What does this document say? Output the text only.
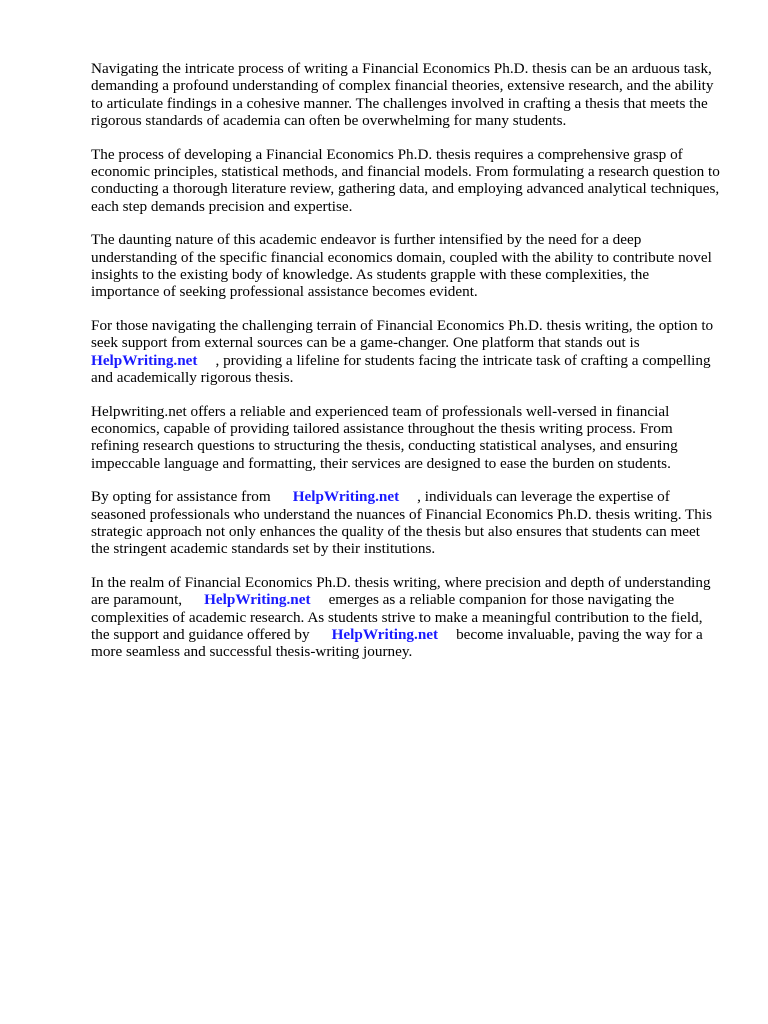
Navigating the intricate process of writing a Financial Economics Ph.D. thesis can be an arduous task, demanding a profound understanding of complex financial theories, extensive research, and the ability to articulate findings in a cohesive manner. The challenges involved in crafting a thesis that meets the rigorous standards of academia can often be overwhelming for many students.

The process of developing a Financial Economics Ph.D. thesis requires a comprehensive grasp of economic principles, statistical methods, and financial models. From formulating a research question to conducting a thorough literature review, gathering data, and employing advanced analytical techniques, each step demands precision and expertise.

The daunting nature of this academic endeavor is further intensified by the need for a deep understanding of the specific financial economics domain, coupled with the ability to contribute novel insights to the existing body of knowledge. As students grapple with these complexities, the importance of seeking professional assistance becomes evident.

For those navigating the challenging terrain of Financial Economics Ph.D. thesis writing, the option to seek support from external sources can be a game-changer. One platform that stands out is
HelpWriting.net , providing a lifeline for students facing the intricate task of crafting a compelling and academically rigorous thesis.

Helpwriting.net offers a reliable and experienced team of professionals well-versed in financial economics, capable of providing tailored assistance throughout the thesis writing process. From refining research questions to structuring the thesis, conducting statistical analyses, and ensuring impeccable language and formatting, their services are designed to ease the burden on students.

By opting for assistance from HelpWriting.net , individuals can leverage the expertise of seasoned professionals who understand the nuances of Financial Economics Ph.D. thesis writing. This strategic approach not only enhances the quality of the thesis but also ensures that students can meet the stringent academic standards set by their institutions.

In the realm of Financial Economics Ph.D. thesis writing, where precision and depth of understanding are paramount, HelpWriting.net emerges as a reliable companion for those navigating the complexities of academic research. As students strive to make a meaningful contribution to the field, the support and guidance offered by HelpWriting.net become invaluable, paving the way for a more seamless and successful thesis-writing journey.
